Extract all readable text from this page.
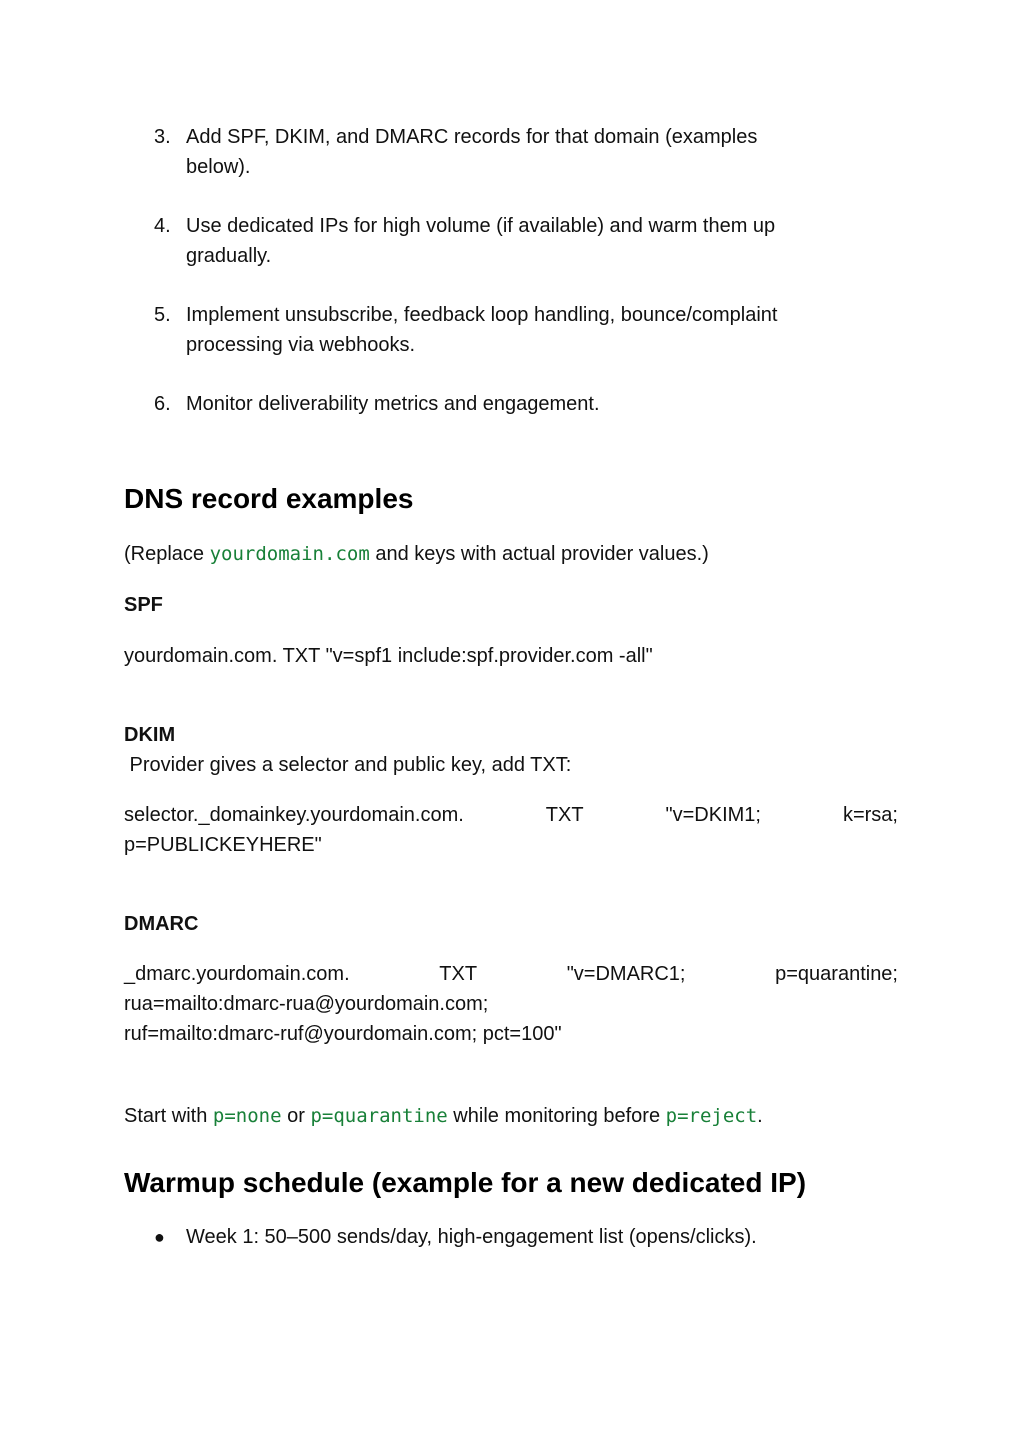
3. Add SPF, DKIM, and DMARC records for that domain (examples
below).
4. Use dedicated IPs for high volume (if available) and warm them up
gradually.
5. Implement unsubscribe, feedback loop handling, bounce/complaint
processing via webhooks.
6. Monitor deliverability metrics and engagement.
DNS record examples

(Replace yourdomain.com and keys with actual provider values.)

SPF

yourdomain.com. TXT "v=spf1 include:spf.provider.com -all"

DKIM

Provider gives a selector and public key, add TXT:

selector._domainkey.yourdomain.com.	TXT	"v=DKIM1;	k=rsa;
p=PUBLICKEYHERE"

DMARC

_dmarc.yourdomain.com.	TXT	"v=DMARC1;	p=quarantine;
rua=mailto:dmarc-rua@yourdomain.com;
ruf=mailto:dmarc-ruf@yourdomain.com; pct=100"

Start with p=none or p=quarantine while monitoring before p=reject.

Warmup schedule (example for a new dedicated IP)
● Week 1: 50–500 sends/day, high-engagement list (opens/clicks).
